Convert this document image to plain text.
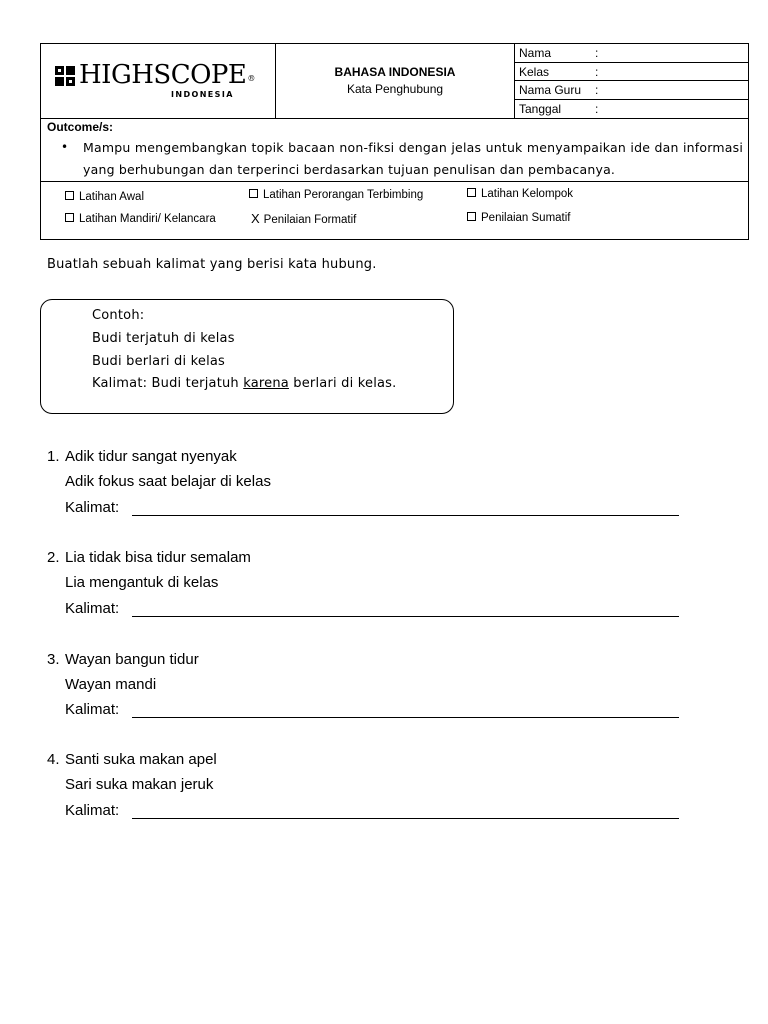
HIGHSCOPE®
INDONESIA
BAHASA INDONESIA
Kata Penghubung
Nama	:
Kelas	:
Nama Guru :
Tanggal	:
Outcome/s:
• Mampu mengembangkan topik bacaan non-fiksi dengan jelas untuk menyampaikan ide dan informasi yang berhubungan dan terperinci berdasarkan tujuan penulisan dan pembacanya.
Latihan Awal	Latihan Perorangan Terbimbing	Latihan Kelompok
Latihan Mandiri/ Kelancara	X Penilaian Formatif	Penilaian Sumatif
Buatlah sebuah kalimat yang berisi kata hubung.
Contoh:
Budi terjatuh di kelas
Budi berlari di kelas
Kalimat: Budi terjatuh karena berlari di kelas.
1. Adik tidur sangat nyenyak
Adik fokus saat belajar di kelas
Kalimat:
2. Lia tidak bisa tidur semalam
Lia mengantuk di kelas
Kalimat:
3. Wayan bangun tidur
Wayan mandi
Kalimat:
4. Santi suka makan apel
Sari suka makan jeruk
Kalimat:
